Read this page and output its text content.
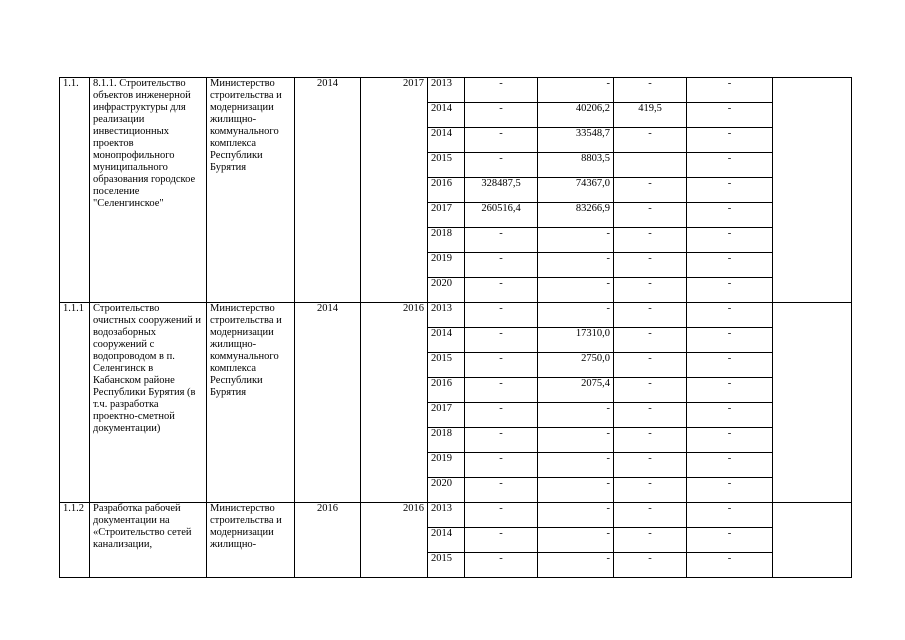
1.1.	8.1.1. Строительство объектов инженерной инфраструктуры для реализации инвестиционных проектов монопрофильного муниципального образования городское поселение "Селенгинское"	Министерство строительства и модернизации жилищно-коммунального комплекса Республики Бурятия	2014	2017	2013	-	-	-	-	
					2014	-	40206,2	419,5	-	
					2014	-	33548,7	-	-	
					2015	-	8803,5		-	
					2016	328487,5	74367,0	-	-	
					2017	260516,4	83266,9	-	-	
					2018	-	-	-	-	
					2019	-	-	-	-	
					2020	-	-	-	-	
1.1.1	Строительство очистных сооружений и водозаборных сооружений с водопроводом в п. Селенгинск в Кабанском районе Республики Бурятия (в т.ч. разработка проектно-сметной документации)	Министерство строительства и модернизации жилищно-коммунального комплекса Республики Бурятия	2014	2016	2013	-	-	-	-	
					2014	-	17310,0	-	-	
					2015	-	2750,0	-	-	
					2016	-	2075,4	-	-	
					2017	-	-	-	-	
					2018	-	-	-	-	
					2019	-	-	-	-	
					2020	-	-	-	-	
1.1.2	Разработка рабочей документации на «Строительство сетей канализации,	Министерство строительства и модернизации жилищно-	2016	2016	2013	-	-	-	-	
					2014	-	-	-	-	
					2015	-	-	-	-	
